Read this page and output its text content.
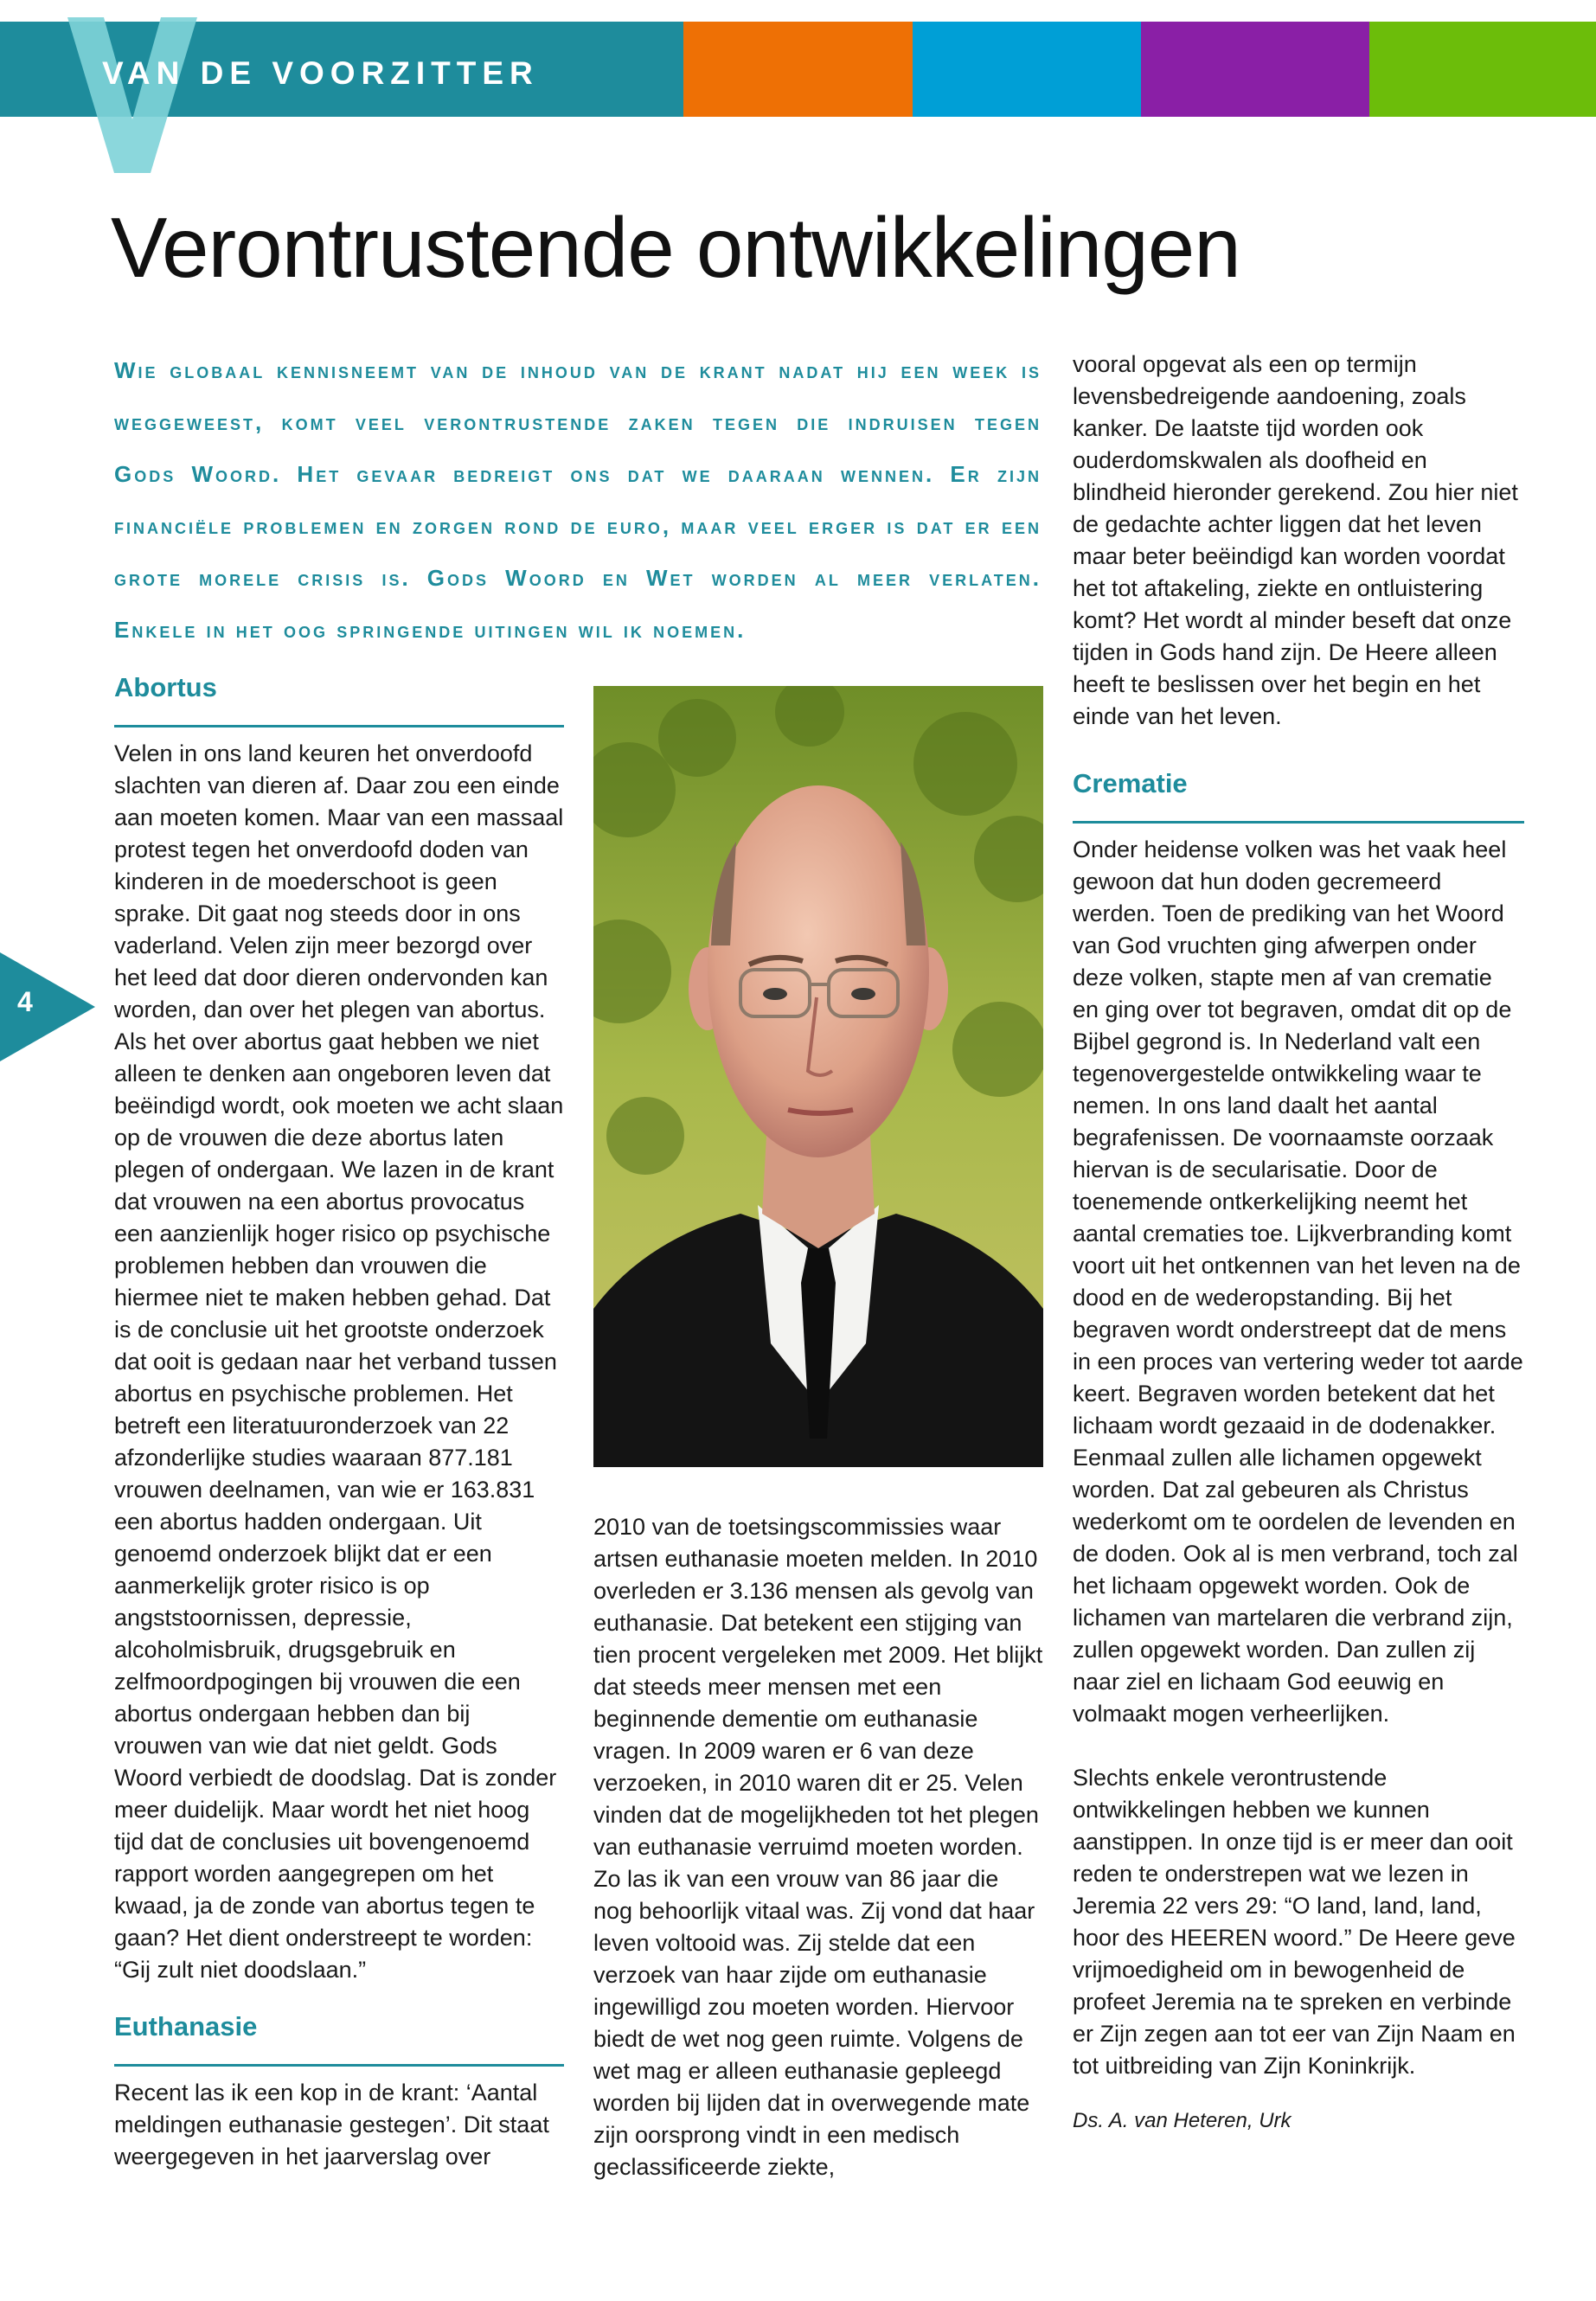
VAN DE VOORZITTER
Verontrustende ontwikkelingen

Wie globaal kennisneemt van de inhoud van de krant nadat hij een week is weggeweest, komt veel verontrustende zaken tegen die indruisen tegen Gods Woord. Het gevaar bedreigt ons dat we daaraan wennen. Er zijn financiële problemen en zorgen rond de euro, maar veel erger is dat er een grote morele crisis is. Gods Woord en Wet worden al meer verlaten. Enkele in het oog springende uitingen wil ik noemen.

Abortus

Velen in ons land keuren het onverdoofd slachten van dieren af. Daar zou een einde aan moeten komen. Maar van een massaal protest tegen het onverdoofd doden van kinderen in de moederschoot is geen sprake. Dit gaat nog steeds door in ons vaderland. Velen zijn meer bezorgd over het leed dat door dieren ondervonden kan worden, dan over het plegen van abortus. Als het over abortus gaat hebben we niet alleen te denken aan ongeboren leven dat beëindigd wordt, ook moeten we acht slaan op de vrouwen die deze abortus laten plegen of ondergaan. We lazen in de krant dat vrouwen na een abortus provocatus een aanzienlijk hoger risico op psychische problemen hebben dan vrouwen die hiermee niet te maken hebben gehad. Dat is de conclusie uit het grootste onderzoek dat ooit is gedaan naar het verband tussen abortus en psychische problemen. Het betreft een literatuuronderzoek van 22 afzonderlijke studies waaraan 877.181 vrouwen deelnamen, van wie er 163.831 een abortus hadden ondergaan. Uit genoemd onderzoek blijkt dat er een aanmerkelijk groter risico is op angststoornissen, depressie, alcoholmisbruik, drugsgebruik en zelfmoordpogingen bij vrouwen die een abortus ondergaan hebben dan bij vrouwen van wie dat niet geldt. Gods Woord verbiedt de doodslag. Dat is zonder meer duidelijk. Maar wordt het niet hoog tijd dat de conclusies uit bovengenoemd rapport worden aangegrepen om het kwaad, ja de zonde van abortus tegen te gaan? Het dient onderstreept te worden: “Gij zult niet doodslaan.”

Euthanasie

Recent las ik een kop in de krant: ‘Aantal meldingen euthanasie gestegen’. Dit staat weergegeven in het jaarverslag over

2010 van de toetsingscommissies waar artsen euthanasie moeten melden. In 2010 overleden er 3.136 mensen als gevolg van euthanasie. Dat betekent een stijging van tien procent vergeleken met 2009. Het blijkt dat steeds meer mensen met een beginnende dementie om euthanasie vragen. In 2009 waren er 6 van deze verzoeken, in 2010 waren dit er 25. Velen vinden dat de mogelijkheden tot het plegen van euthanasie verruimd moeten worden. Zo las ik van een vrouw van 86 jaar die nog behoorlijk vitaal was. Zij vond dat haar leven voltooid was. Zij stelde dat een verzoek van haar zijde om euthanasie ingewilligd zou moeten worden. Hiervoor biedt de wet nog geen ruimte. Volgens de wet mag er alleen euthanasie gepleegd worden bij lijden dat in overwegende mate zijn oorsprong vindt in een medisch geclassificeerde ziekte,

vooral opgevat als een op termijn levensbedreigende aandoening, zoals kanker. De laatste tijd worden ook ouderdomskwalen als doofheid en blindheid hieronder gerekend. Zou hier niet de gedachte achter liggen dat het leven maar beter beëindigd kan worden voordat het tot aftakeling, ziekte en ontluistering komt? Het wordt al minder beseft dat onze tijden in Gods hand zijn. De Heere alleen heeft te beslissen over het begin en het einde van het leven.

Crematie

Onder heidense volken was het vaak heel gewoon dat hun doden gecremeerd werden. Toen de prediking van het Woord van God vruchten ging afwerpen onder deze volken, stapte men af van crematie en ging over tot begraven, omdat dit op de Bijbel gegrond is. In Nederland valt een tegenovergestelde ontwikkeling waar te nemen. In ons land daalt het aantal begrafenissen. De voornaamste oorzaak hiervan is de secularisatie. Door de toenemende ontkerkelijking neemt het aantal crematies toe. Lijkverbranding komt voort uit het ontkennen van het leven na de dood en de wederopstanding. Bij het begraven wordt onderstreept dat de mens in een proces van vertering weder tot aarde keert. Begraven worden betekent dat het lichaam wordt gezaaid in de dodenakker. Eenmaal zullen alle lichamen opgewekt worden. Dat zal gebeuren als Christus wederkomt om te oordelen de levenden en de doden. Ook al is men verbrand, toch zal het lichaam opgewekt worden. Ook de lichamen van martelaren die verbrand zijn, zullen opgewekt worden. Dan zullen zij naar ziel en lichaam God eeuwig en volmaakt mogen verheerlijken.

Slechts enkele verontrustende ontwikkelingen hebben we kunnen aanstippen. In onze tijd is er meer dan ooit reden te onderstrepen wat we lezen in Jeremia 22 vers 29: “O land, land, land, hoor des HEEREN woord.” De Heere geve vrijmoedigheid om in bewogenheid de profeet Jeremia na te spreken en verbinde er Zijn zegen aan tot eer van Zijn Naam en tot uitbreiding van Zijn Koninkrijk.

Ds. A. van Heteren, Urk

4
